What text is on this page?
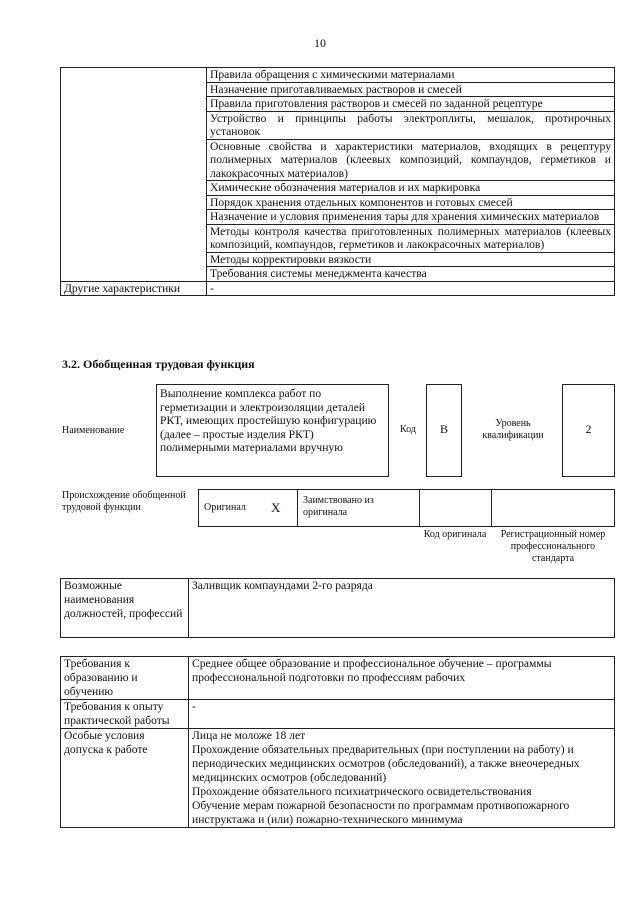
10
	Правила обращения с химическими материалами
	Назначение приготавливаемых растворов и смесей
	Правила приготовления растворов и смесей по заданной рецептуре
	Устройство и принципы работы электроплиты, мешалок, протирочных установок
	Основные свойства и характеристики материалов, входящих в рецептуру полимерных материалов (клеевых композиций, компаундов, герметиков и лакокрасочных материалов)
	Химические обозначения материалов и их маркировка
	Порядок хранения отдельных компонентов и готовых смесей
	Назначение и условия применения тары для хранения химических материалов
	Методы контроля качества приготовленных полимерных материалов (клеевых композиций, компаундов, герметиков и лакокрасочных материалов)
	Методы корректировки вязкости
	Требования системы менеджмента качества
Другие характеристики	-
3.2. Обобщенная трудовая функция
Наименование
Выполнение комплекса работ по герметизации и электроизоляции деталей РКТ, имеющих простейшую конфигурацию (далее – простые изделия РКТ) полимерными материалами вручную
Код	B	Уровень квалификации	2
Происхождение обобщенной трудовой функции	Оригинал X Заимствовано из оригинала
Код оригинала	Регистрационный номер профессионального стандарта
Возможные наименования должностей, профессий	Заливщик компаундами 2-го разряда
Требования к образованию и обучению	Среднее общее образование и профессиональное обучение – программы профессиональной подготовки по профессиям рабочих
Требования к опыту практической работы	-
Особые условия допуска к работе	Лица не моложе 18 лет
	Прохождение обязательных предварительных (при поступлении на работу) и периодических медицинских осмотров (обследований), а также внеочередных медицинских осмотров (обследований)
	Прохождение обязательного психиатрического освидетельствования
	Обучение мерам пожарной безопасности по программам противопожарного инструктажа и (или) пожарно-технического минимума
